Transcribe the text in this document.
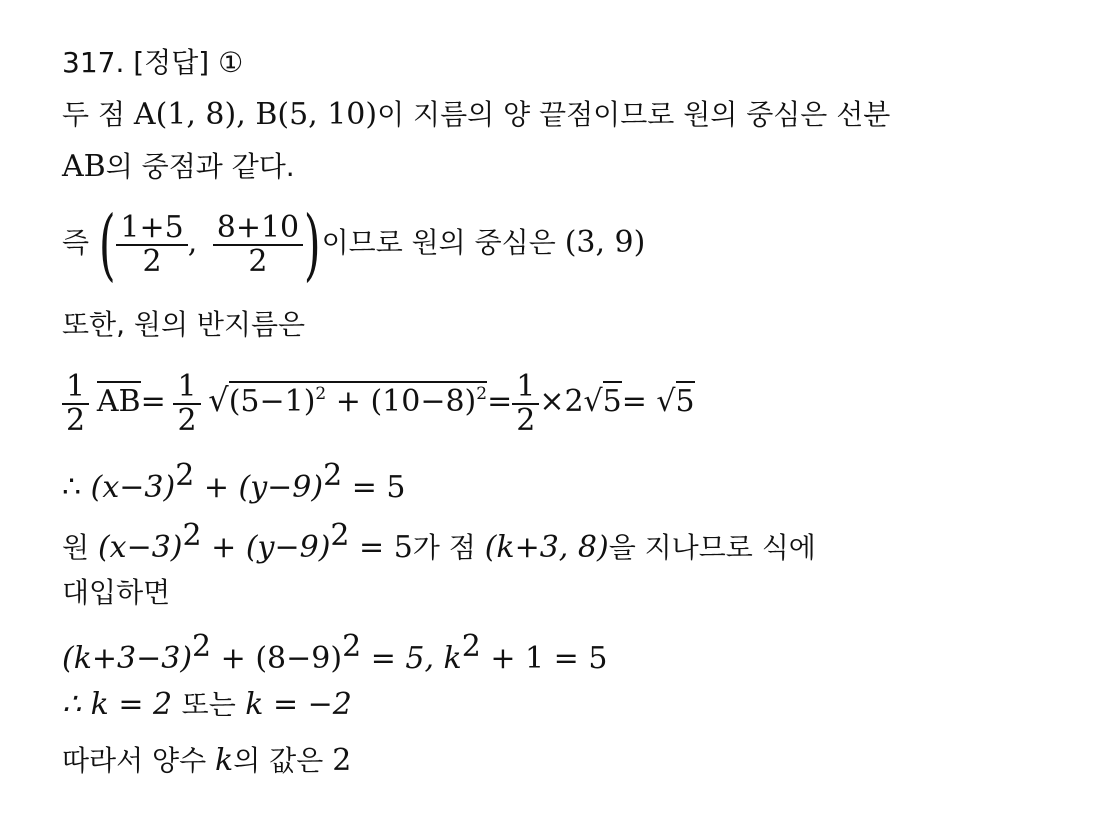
317. [정답] ①
두 점 A(1, 8), B(5, 10)이 지름의 양 끝점이므로 원의 중심은 선분
AB의 중점과 같다.
즉 ( $\frac{1+5}{2}$ , $\frac{8+10}{2}$ )이므로 원의 중심은 (3, 9)
또한, 원의 반지름은
$\frac{1}{2} AB= \frac{1}{2} √(5-1)^2 + (10-8)^2= \frac{1}{2} \times 2√5= √5$
∴ $(x-3)^2 + (y-9)^2 = 5$
원 $(x-3)^2 + (y-9)^2 = 5$가 점 (k+3, 8)을 지나므로 식에
대입하면
$(k+3-3)^2 + (8-9)^2 = 5$, $k^2 + 1 = 5$
∴ k = 2 또는 k = −2
따라서 양수 k의 값은 2
